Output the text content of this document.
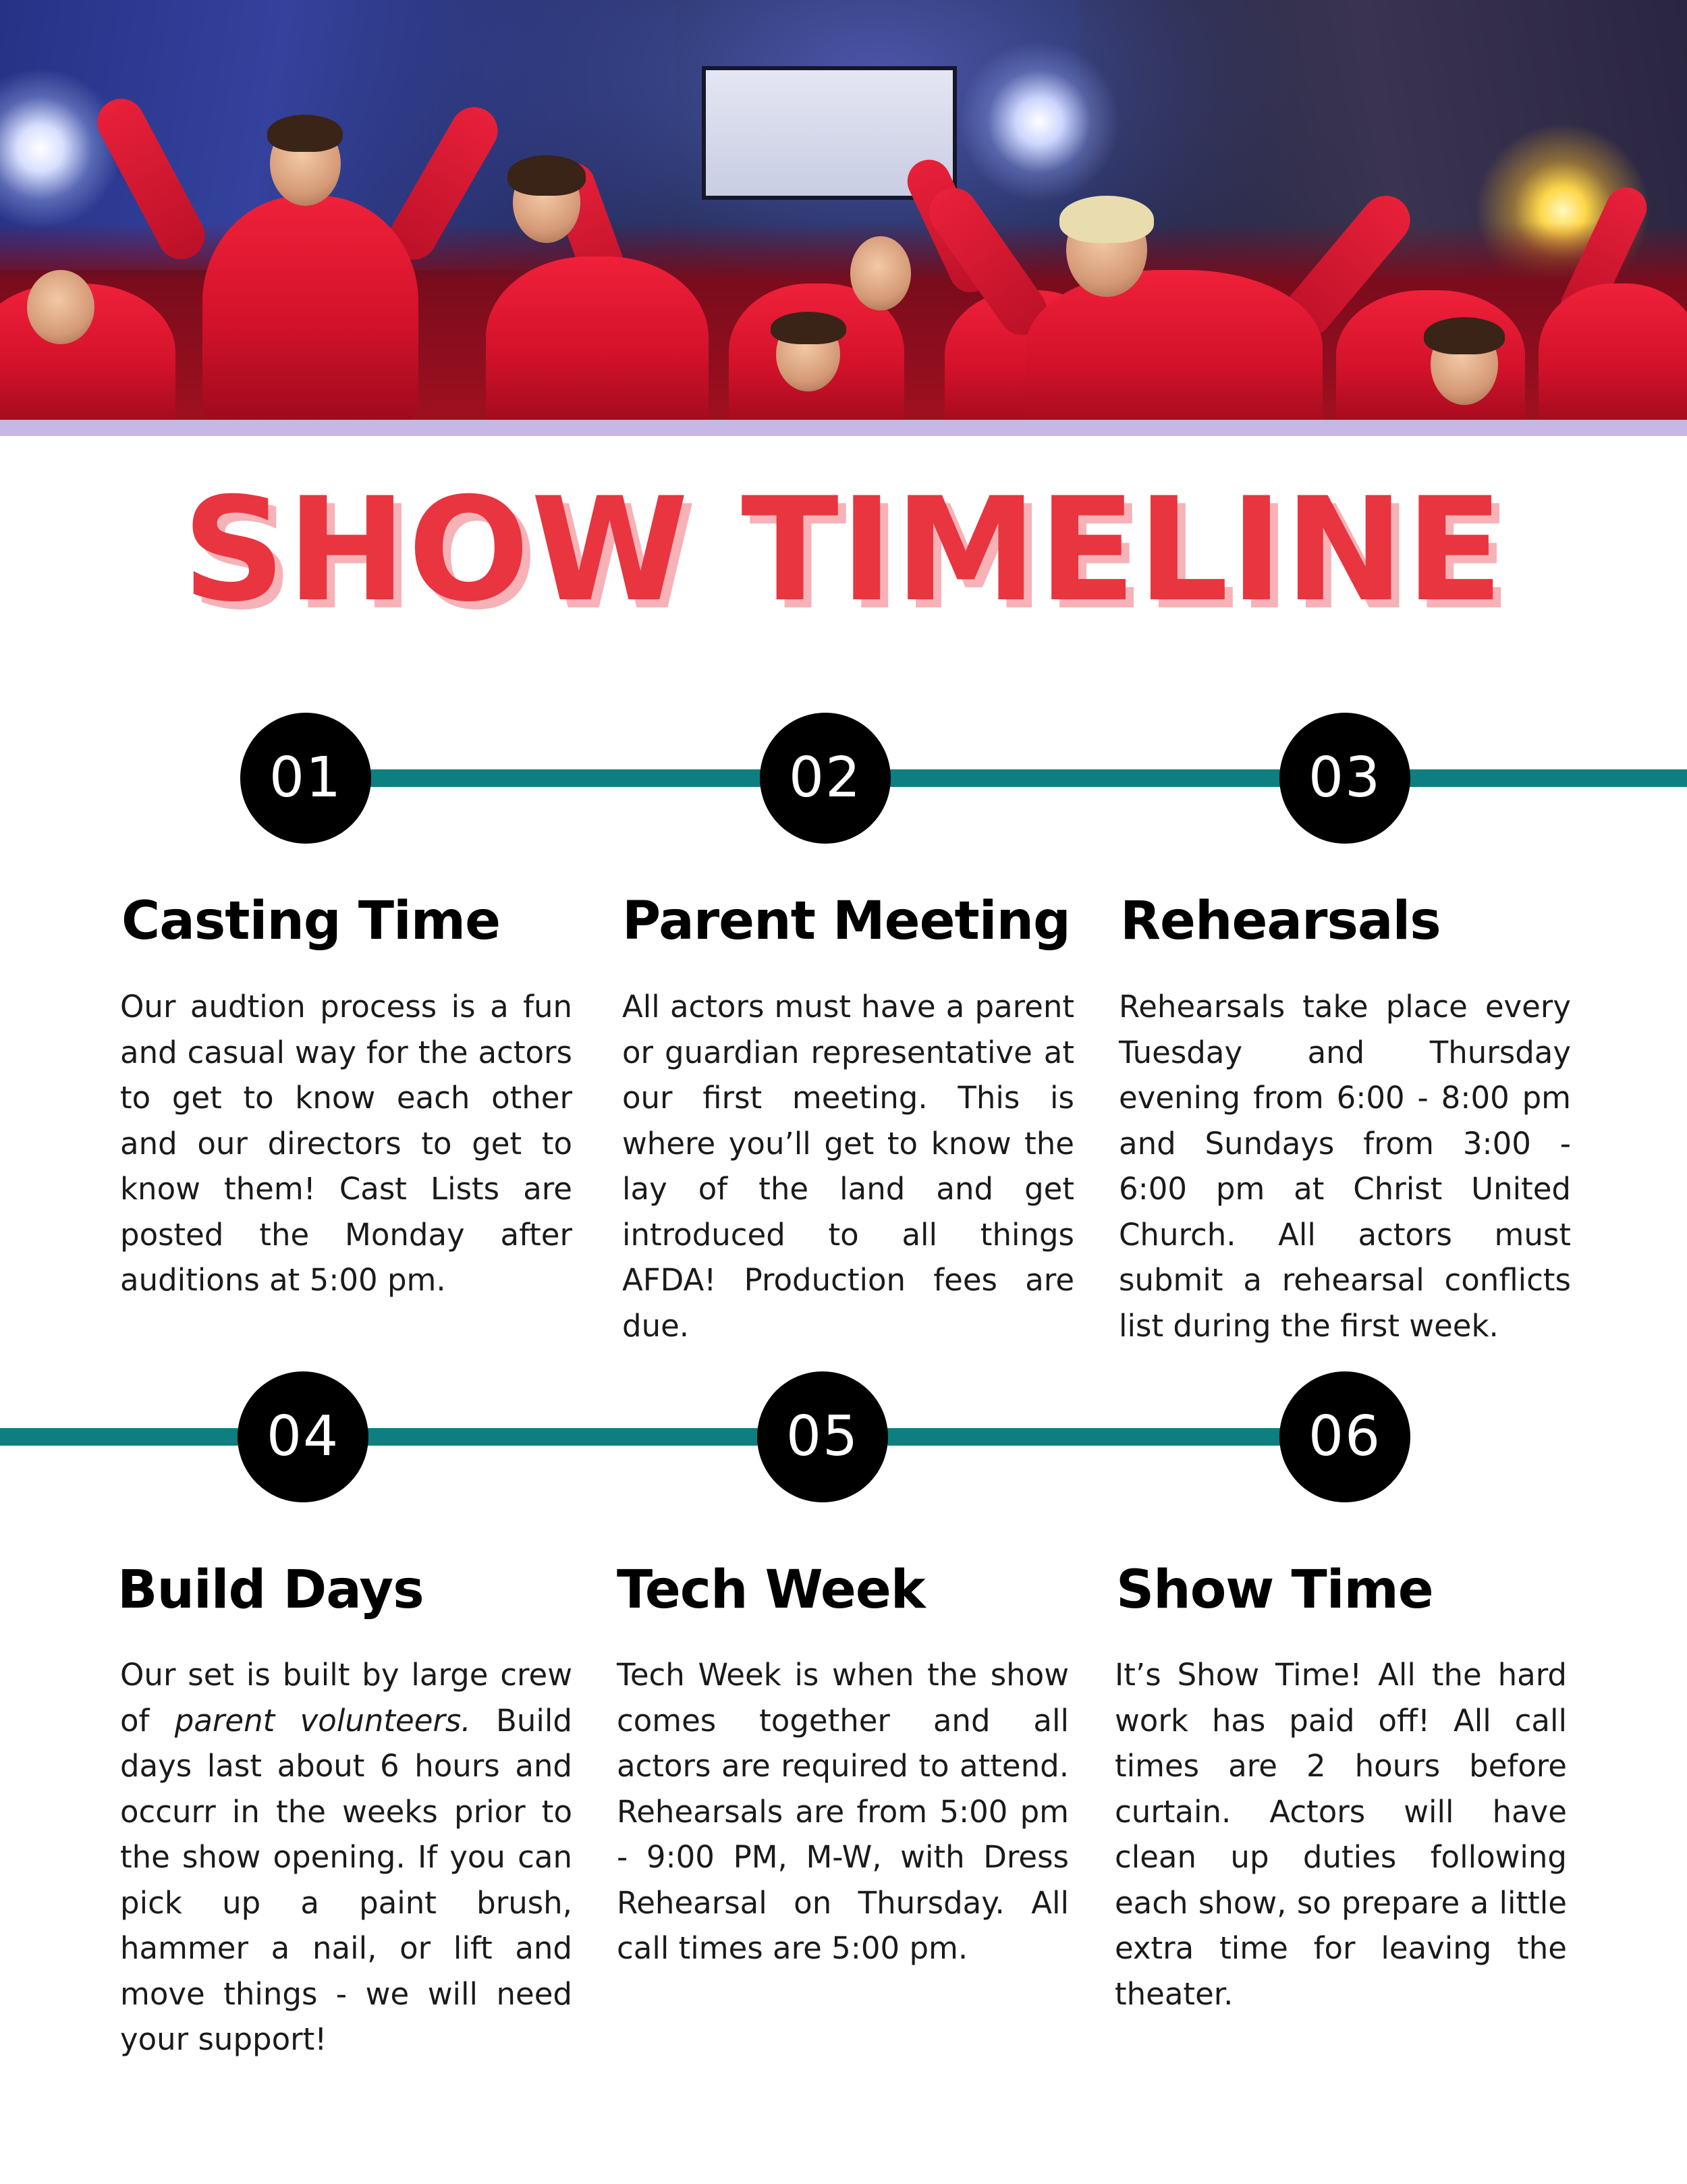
SHOW TIMELINE
01
Casting Time

Our audtion process is a fun and casual way for the actors to get to know each other and our directors to get to know them! Cast Lists are posted the Monday after auditions at 5:00 pm.

02
Parent Meeting

All actors must have a parent or guardian representative at our first meeting. This is where you’ll get to know the lay of the land and get introduced to all things AFDA! Production fees are due.

03
Rehearsals

Rehearsals take place every Tuesday and Thursday evening from 6:00 - 8:00 pm and Sundays from 3:00 - 6:00 pm at Christ United Church. All actors must submit a rehearsal conflicts list during the first week.

04
Build Days

Our set is built by large crew of parent volunteers. Build days last about 6 hours and occurr in the weeks prior to the show opening. If you can pick up a paint brush, hammer a nail, or lift and move things - we will need your support!

05
Tech Week

Tech Week is when the show comes together and all actors are required to attend. Rehearsals are from 5:00 pm - 9:00 PM, M-W, with Dress Rehearsal on Thursday. All call times are 5:00 pm.

06
Show Time

It’s Show Time! All the hard work has paid off! All call times are 2 hours before curtain. Actors will have clean up duties following each show, so prepare a little extra time for leaving the theater.
